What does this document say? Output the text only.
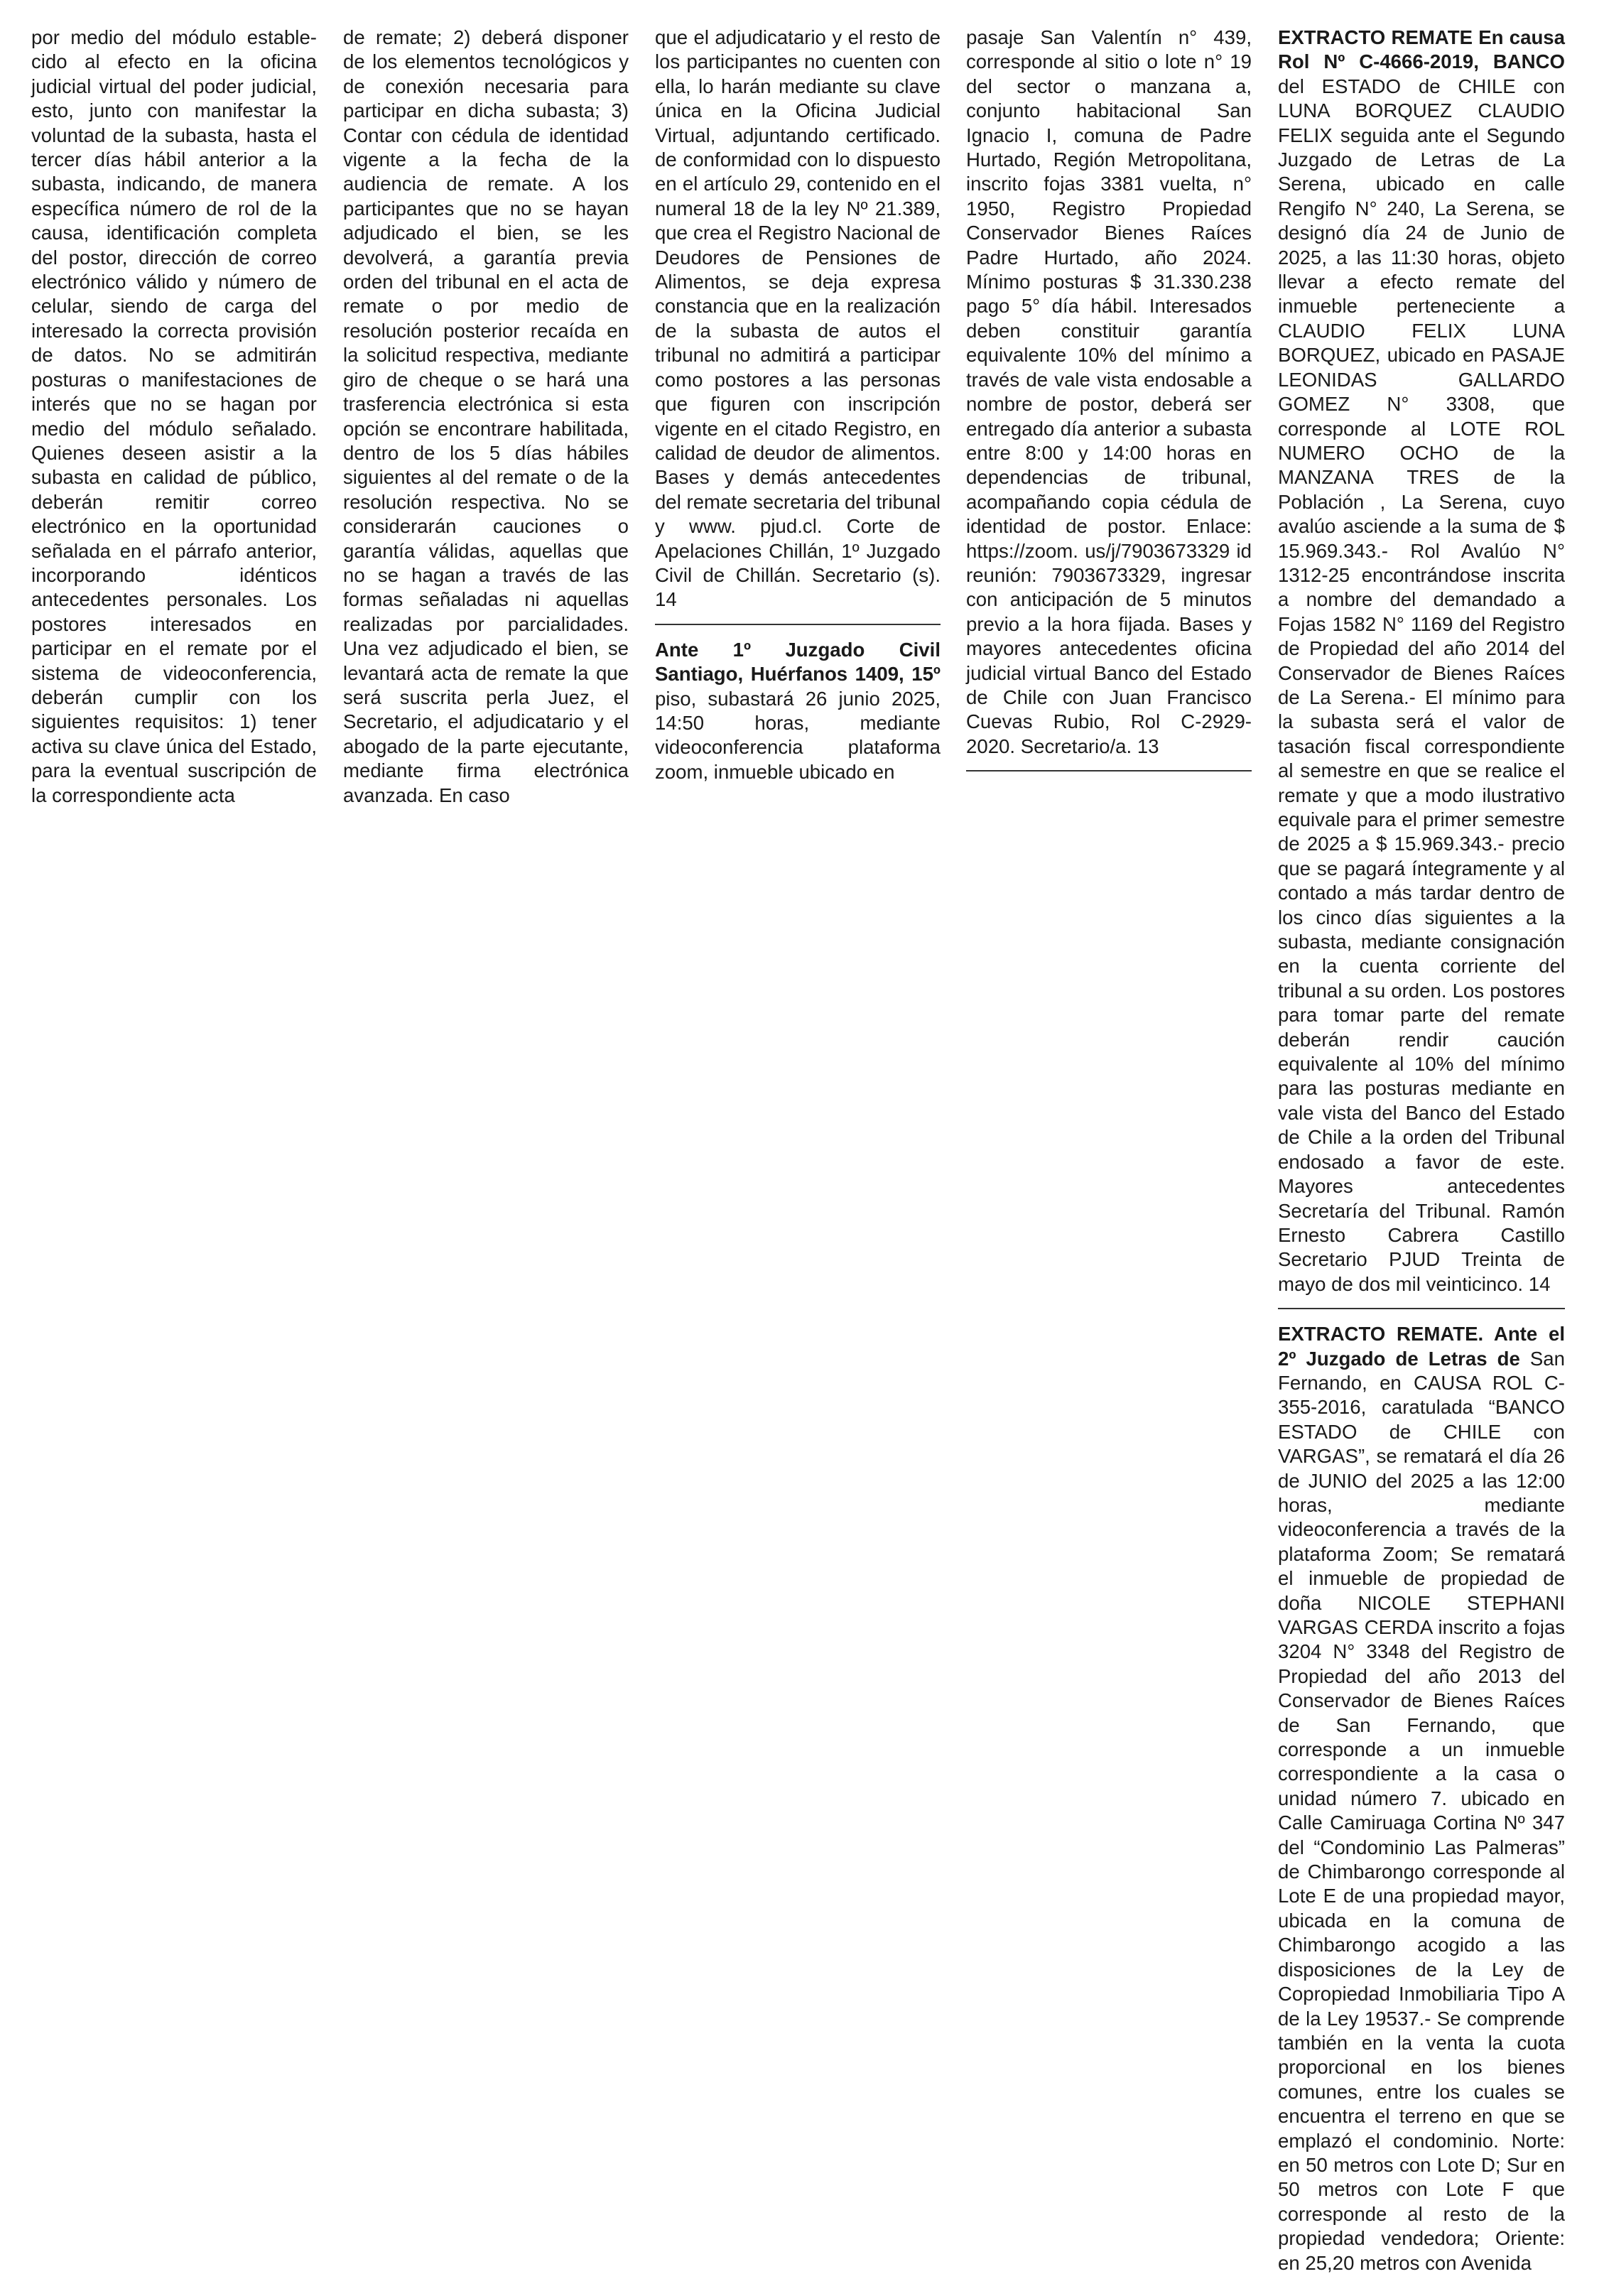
por medio del módulo establecido al efecto en la oficina judicial virtual del poder judicial, esto, junto con manifestar la voluntad de la subasta, hasta el tercer días hábil anterior a la subasta, indicando, de manera específica número de rol de la causa, identificación completa del postor, dirección de correo electrónico válido y número de celular, siendo de carga del interesado la correcta provisión de datos. No se admitirán posturas o manifestaciones de interés que no se hagan por medio del módulo señalado. Quienes deseen asistir a la subasta en calidad de público, deberán remitir correo electrónico en la oportunidad señalada en el párrafo anterior, incorporando idénticos antecedentes personales. Los postores interesados en participar en el remate por el sistema de videoconferencia, deberán cumplir con los siguientes requisitos: 1) tener activa su clave única del Estado, para la eventual suscripción de la correspondiente acta

de remate; 2) deberá disponer de los elementos tecnológicos y de conexión necesaria para participar en dicha subasta; 3) Contar con cédula de identidad vigente a la fecha de la audiencia de remate. A los participantes que no se hayan adjudicado el bien, se les devolverá, a garantía previa orden del tribunal en el acta de remate o por medio de resolución posterior recaída en la solicitud respectiva, mediante giro de cheque o se hará una trasferencia electrónica si esta opción se encontrare habilitada, dentro de los 5 días hábiles siguientes al del remate o de la resolución respectiva. No se considerarán cauciones o garantía válidas, aquellas que no se hagan a través de las formas señaladas ni aquellas realizadas por parcialidades. Una vez adjudicado el bien, se levantará acta de remate la que será suscrita perla Juez, el Secretario, el adjudicatario y el abogado de la parte ejecutante, mediante firma electrónica avanzada. En caso

que el adjudicatario y el resto de los participantes no cuenten con ella, lo harán mediante su clave única en la Oficina Judicial Virtual, adjuntando certificado. de conformidad con lo dispuesto en el artículo 29, contenido en el numeral 18 de la ley Nº 21.389, que crea el Registro Nacional de Deudores de Pensiones de Alimentos, se deja expresa constancia que en la realización de la subasta de autos el tribunal no admitirá a participar como postores a las personas que figuren con inscripción vigente en el citado Registro, en calidad de deudor de alimentos. Bases y demás antecedentes del remate secretaria del tribunal y www. pjud.cl. Corte de Apelaciones Chillán, 1º Juzgado Civil de Chillán. Secretario (s). 14

Ante 1º Juzgado Civil Santiago, Huérfanos 1409, 15º piso, subastará 26 junio 2025, 14:50 horas, mediante videoconferencia plataforma zoom, inmueble ubicado en

pasaje San Valentín n° 439, corresponde al sitio o lote n° 19 del sector o manzana a, conjunto habitacional San Ignacio I, comuna de Padre Hurtado, Región Metropolitana, inscrito fojas 3381 vuelta, n° 1950, Registro Propiedad Conservador Bienes Raíces Padre Hurtado, año 2024. Mínimo posturas $ 31.330.238 pago 5° día hábil. Interesados deben constituir garantía equivalente 10% del mínimo a través de vale vista endosable a nombre de postor, deberá ser entregado día anterior a subasta entre 8:00 y 14:00 horas en dependencias de tribunal, acompañando copia cédula de identidad de postor. Enlace: https://zoom. us/j/7903673329 id reunión: 7903673329, ingresar con anticipación de 5 minutos previo a la hora fijada. Bases y mayores antecedentes oficina judicial virtual Banco del Estado de Chile con Juan Francisco Cuevas Rubio, Rol C-2929-2020. Secretario/a. 13

EXTRACTO REMATE En causa Rol Nº C-4666-2019, BANCO del ESTADO de CHILE con LUNA BORQUEZ CLAUDIO FELIX seguida ante el Segundo Juzgado de Letras de La Serena, ubicado en calle Rengifo N° 240, La Serena, se designó día 24 de Junio de 2025, a las 11:30 horas, objeto llevar a efecto remate del inmueble perteneciente a CLAUDIO FELIX LUNA BORQUEZ, ubicado en PASAJE LEONIDAS GALLARDO GOMEZ N° 3308, que corresponde al LOTE ROL NUMERO OCHO de la MANZANA TRES de la Población , La Serena, cuyo avalúo asciende a la suma de $ 15.969.343.- Rol Avalúo N° 1312-25 encontrándose inscrita a nombre del demandado a Fojas 1582 N° 1169 del Registro de Propiedad del año 2014 del Conservador de Bienes Raíces de La Serena.- El mínimo para la subasta será el valor de tasación fiscal correspondiente al semestre en que se realice el remate y que a modo ilustrativo equivale para el primer semestre de 2025 a $ 15.969.343.- precio que se pagará íntegramente y al contado a más tardar dentro de los cinco días siguientes a la subasta, mediante consignación en la cuenta corriente del tribunal a su orden. Los postores para tomar parte del remate deberán rendir caución equivalente al 10% del mínimo para las posturas mediante en vale vista del Banco del Estado de Chile a la orden del Tribunal endosado a favor de este. Mayores antecedentes Secretaría del Tribunal. Ramón Ernesto Cabrera Castillo Secretario PJUD Treinta de mayo de dos mil veinticinco. 14

EXTRACTO REMATE. Ante el 2º Juzgado de Letras de San Fernando, en CAUSA ROL C-355-2016, caratulada “BANCO ESTADO de CHILE con VARGAS”, se rematará el día 26 de JUNIO del 2025 a las 12:00 horas, mediante videoconferencia a través de la plataforma Zoom; Se rematará el inmueble de propiedad de doña NICOLE STEPHANI VARGAS CERDA inscrito a fojas 3204 N° 3348 del Registro de Propiedad del año 2013 del Conservador de Bienes Raíces de San Fernando, que corresponde a un inmueble correspondiente a la casa o unidad número 7. ubicado en Calle Camiruaga Cortina Nº 347 del “Condominio Las Palmeras” de Chimbarongo corresponde al Lote E de una propiedad mayor, ubicada en la comuna de Chimbarongo acogido a las disposiciones de la Ley de Copropiedad Inmobiliaria Tipo A de la Ley 19537.- Se comprende también en la venta la cuota proporcional en los bienes comunes, entre los cuales se encuentra el terreno en que se emplazó el condominio. Norte: en 50 metros con Lote D; Sur en 50 metros con Lote F que corresponde al resto de la propiedad vendedora; Oriente: en 25,20 metros con Avenida
